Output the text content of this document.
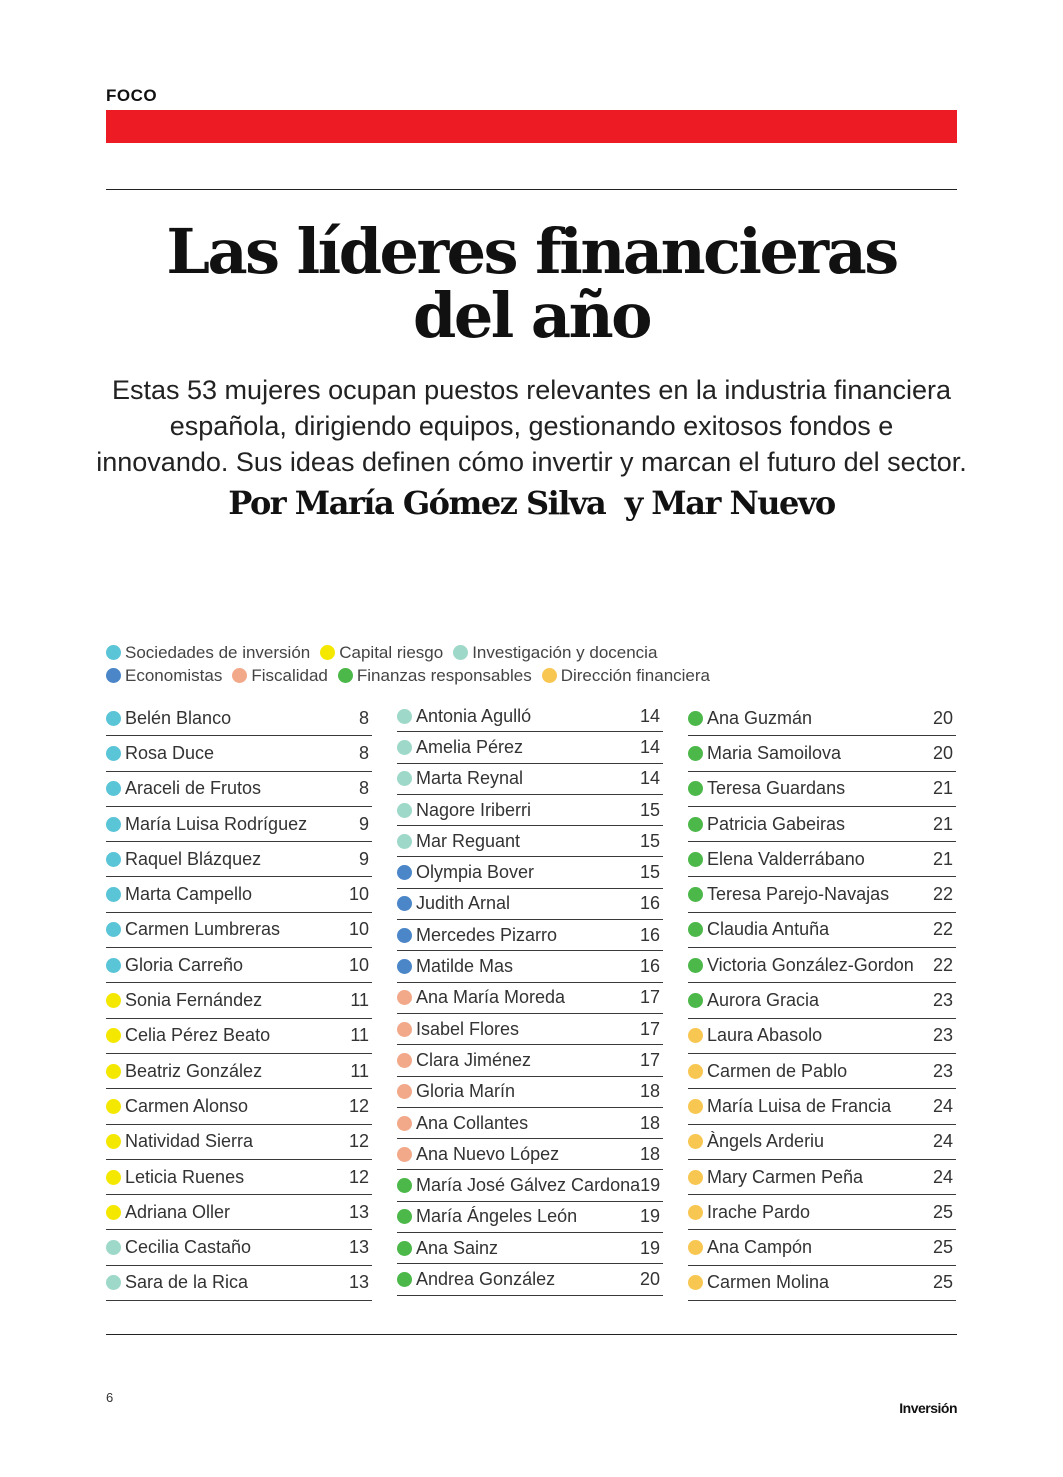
FOCO
Las líderes financieras
del año

Estas 53 mujeres ocupan puestos relevantes en la industria financiera
española, dirigiendo equipos, gestionando exitosos fondos e
innovando. Sus ideas definen cómo invertir y marcan el futuro del sector.

Por María Gómez Silva  y Mar Nuevo

Sociedades de inversión Capital riesgo Investigación y docencia
Economistas Fiscalidad Finanzas responsables Dirección financiera
Belén Blanco	8
Rosa Duce	8
Araceli de Frutos	8
María Luisa Rodríguez	9
Raquel Blázquez	9
Marta Campello	10
Carmen Lumbreras	10
Gloria Carreño	10
Sonia Fernández	11
Celia Pérez Beato	11
Beatriz González	11
Carmen Alonso	12
Natividad Sierra	12
Leticia Ruenes	12
Adriana Oller	13
Cecilia Castaño	13
Sara de la Rica	13
Antonia Agulló	14
Amelia Pérez	14
Marta Reynal	14
Nagore Iriberri	15
Mar Reguant	15
Olympia Bover	15
Judith Arnal	16
Mercedes Pizarro	16
Matilde Mas	16
Ana María Moreda	17
Isabel Flores	17
Clara Jiménez	17
Gloria Marín	18
Ana Collantes	18
Ana Nuevo López	18
María José Gálvez Cardona 19
María Ángeles León	19
Ana Sainz	19
Andrea González	20
Ana Guzmán	20
Maria Samoilova	20
Teresa Guardans	21
Patricia Gabeiras	21
Elena Valderrábano	21
Teresa Parejo-Navajas	22
Claudia Antuña	22
Victoria González-Gordon	22
Aurora Gracia	23
Laura Abasolo	23
Carmen de Pablo	23
María Luisa de Francia	24
Àngels Arderiu	24
Mary Carmen Peña	24
Irache Pardo	25
Ana Campón	25
Carmen Molina	25
6
Inversión
